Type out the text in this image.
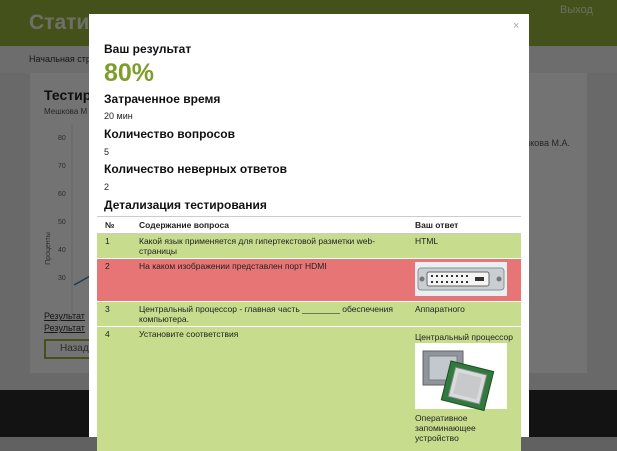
×
Ваш результат
80%
Затраченное время
20 мин
Количество вопросов
5
Количество неверных ответов
2
Детализация тестирования
№	Содержание вопроса	Ваш ответ
1	Какой язык применяется для гипертекстовой разметки web-страницы	HTML
2	На каком изображении представлен порт HDMI	

3	Центральный процессор - главная часть ________ обеспечения компьютера.	Аппаратного
4	Установите соответствия	Центральный процессор
Оперативное запоминающее устройство
